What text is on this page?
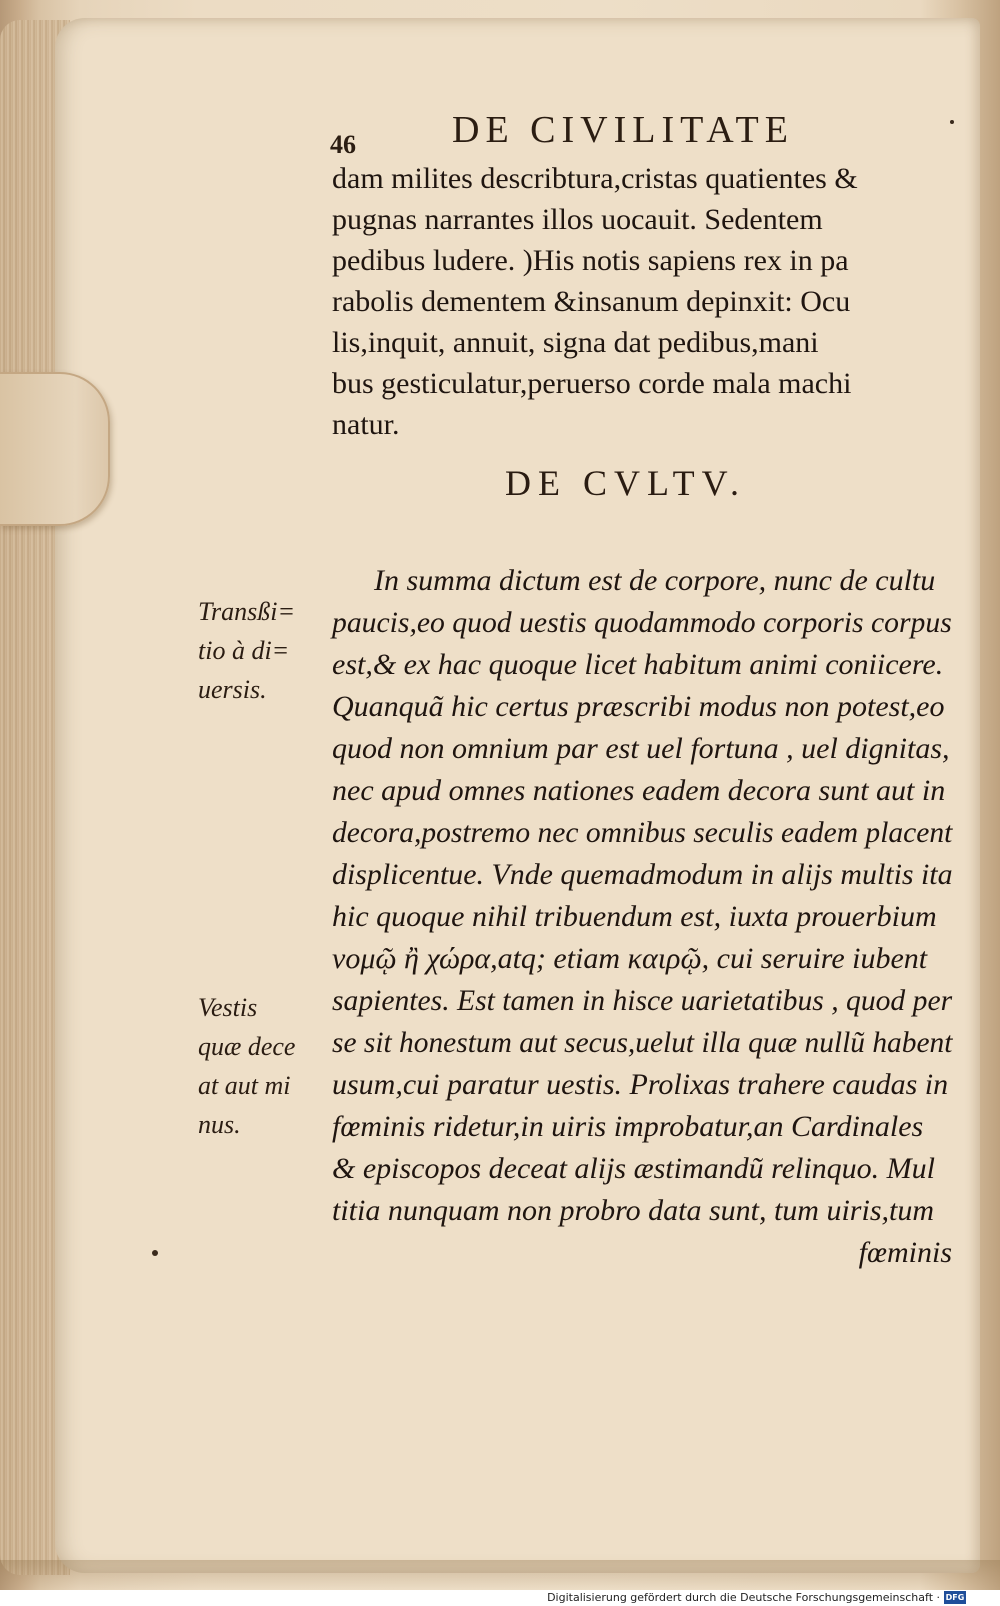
46	DE CIVILITATE
dam milites describtura,cristas quatientes &
pugnas narrantes illos uocauit. Sedentem
pedibus ludere. )His notis sapiens rex in pa
rabolis dementem &insanum depinxit: Ocu
lis,inquit, annuit, signa dat pedibus,mani
bus gesticulatur,peruerso corde mala machi
natur.
DE CVLTV.
In summa dictum est de corpore, nunc de cultu
paucis,eo quod uestis quodammodo corporis corpus
est,& ex hac quoque licet habitum animi coniicere.
Quanquã hic certus præscribi modus non potest,eo
quod non omnium par est uel fortuna , uel dignitas,
nec apud omnes nationes eadem decora sunt aut in
decora,postremo nec omnibus seculis eadem placent
displicentue. Vnde quemadmodum in alijs multis ita
hic quoque nihil tribuendum est, iuxta prouerbium
νομῷ ἢ χώρα,atq; etiam καιρῷ, cui seruire iubent
sapientes. Est tamen in hisce uarietatibus , quod per
se sit honestum aut secus,uelut illa quæ nullũ habent
usum,cui paratur uestis. Prolixas trahere caudas in
fœminis ridetur,in uiris improbatur,an Cardinales
& episcopos deceat alijs æstimandũ relinquo. Mul
titia nunquam non probro data sunt, tum uiris,tum
fœminis
Transßi=
tio à di=
uersis.
Vestis
quæ dece
at aut mi
nus.
Digitalisierung gefördert durch die Deutsche Forschungsgemeinschaft · DFG
